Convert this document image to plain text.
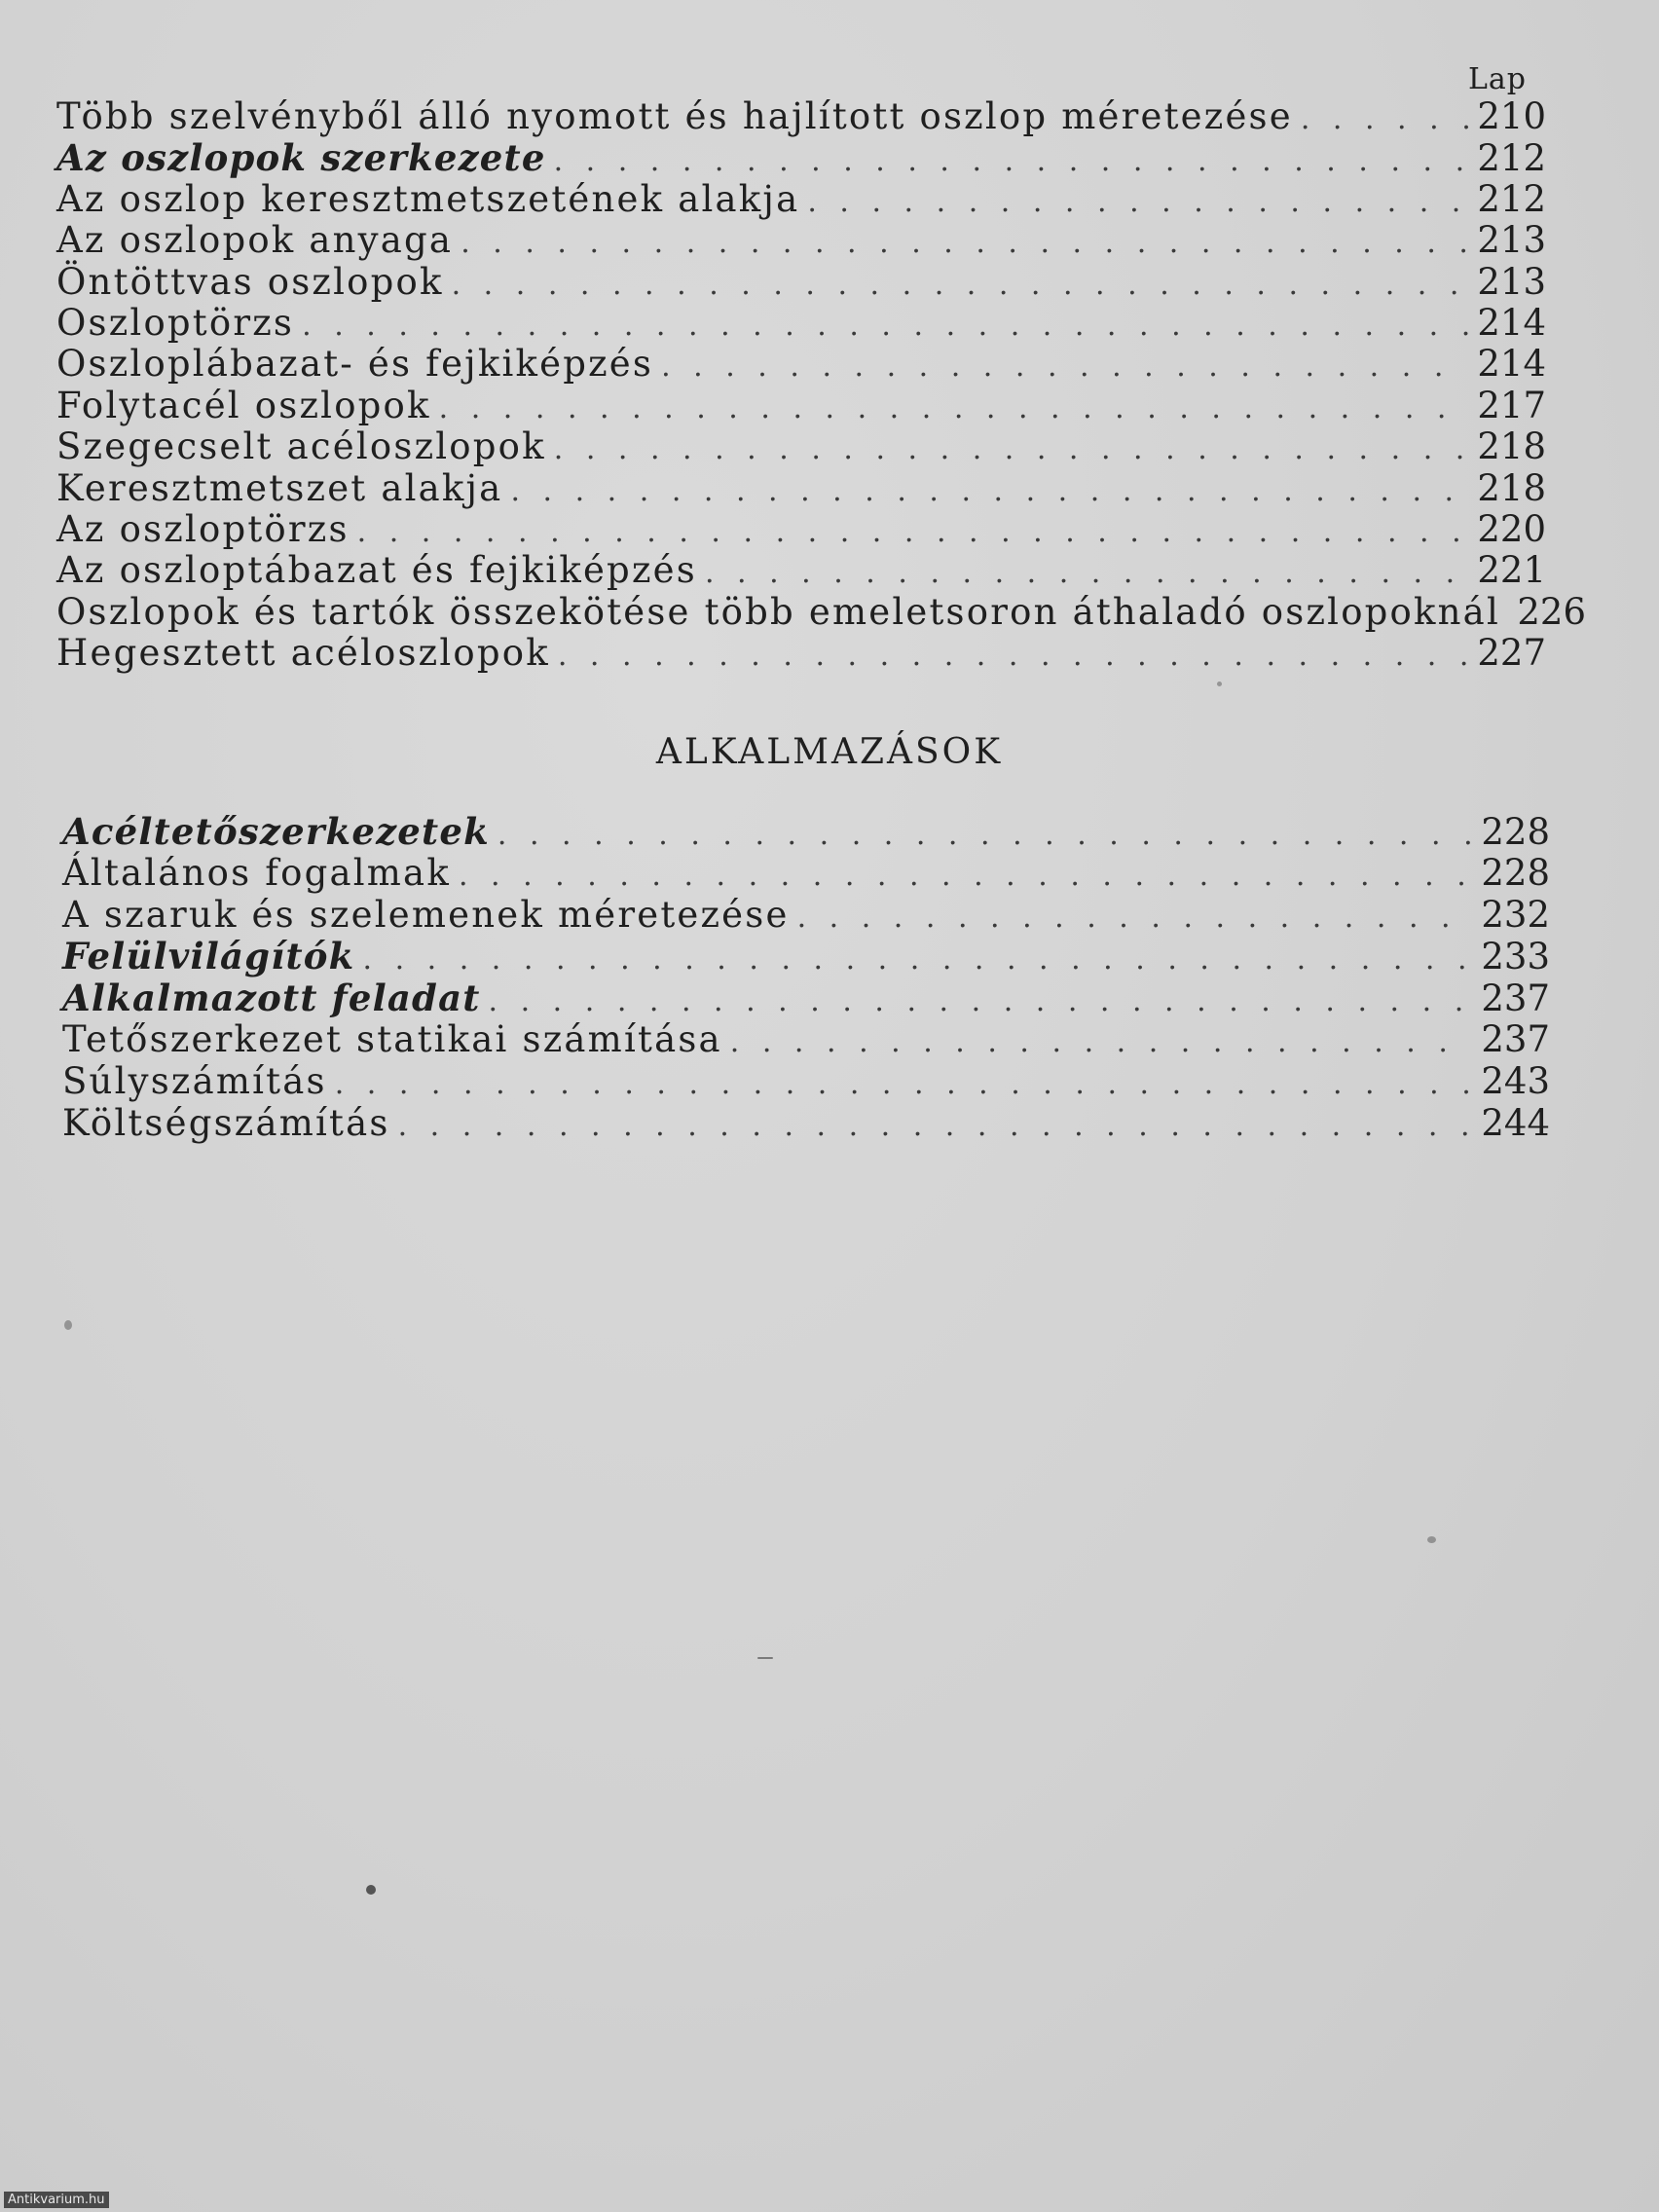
Lap
Több szelvényből álló nyomott és hajlított oszlop méretezése . . .	210
Az oszlopok szerkezete . . .	212
Az oszlop keresztmetszetének alakja . . .	212
Az oszlopok anyaga . . .	213
Öntöttvas oszlopok . . .	213
Oszloptörzs . . .	214
Oszloplábazat- és fejkiképzés . . .	214
Folytacél oszlopok . . .	217
Szegecselt acéloszlopok . . .	218
Keresztmetszet alakja . . .	218
Az oszloptörzs . . .	220
Az oszloptábazat és fejkiképzés . . .	221
Oszlopok és tartók összekötése több emeletsoron áthaladó oszlopoknál 226
Hegesztett acéloszlopok . . .	227
ALKALMAZÁSOK
Acéltetőszerkezetek . . .	228
Általános fogalmak . . .	228
A szaruk és szelemenek méretezése . . .	232
Felülvilágítók . . .	233
Alkalmazott feladat . . .	237
Tetőszerkezet statikai számítása . . .	237
Súlyszámítás . . .	243
Költségszámítás . . .	244
Antikvarium.hu
